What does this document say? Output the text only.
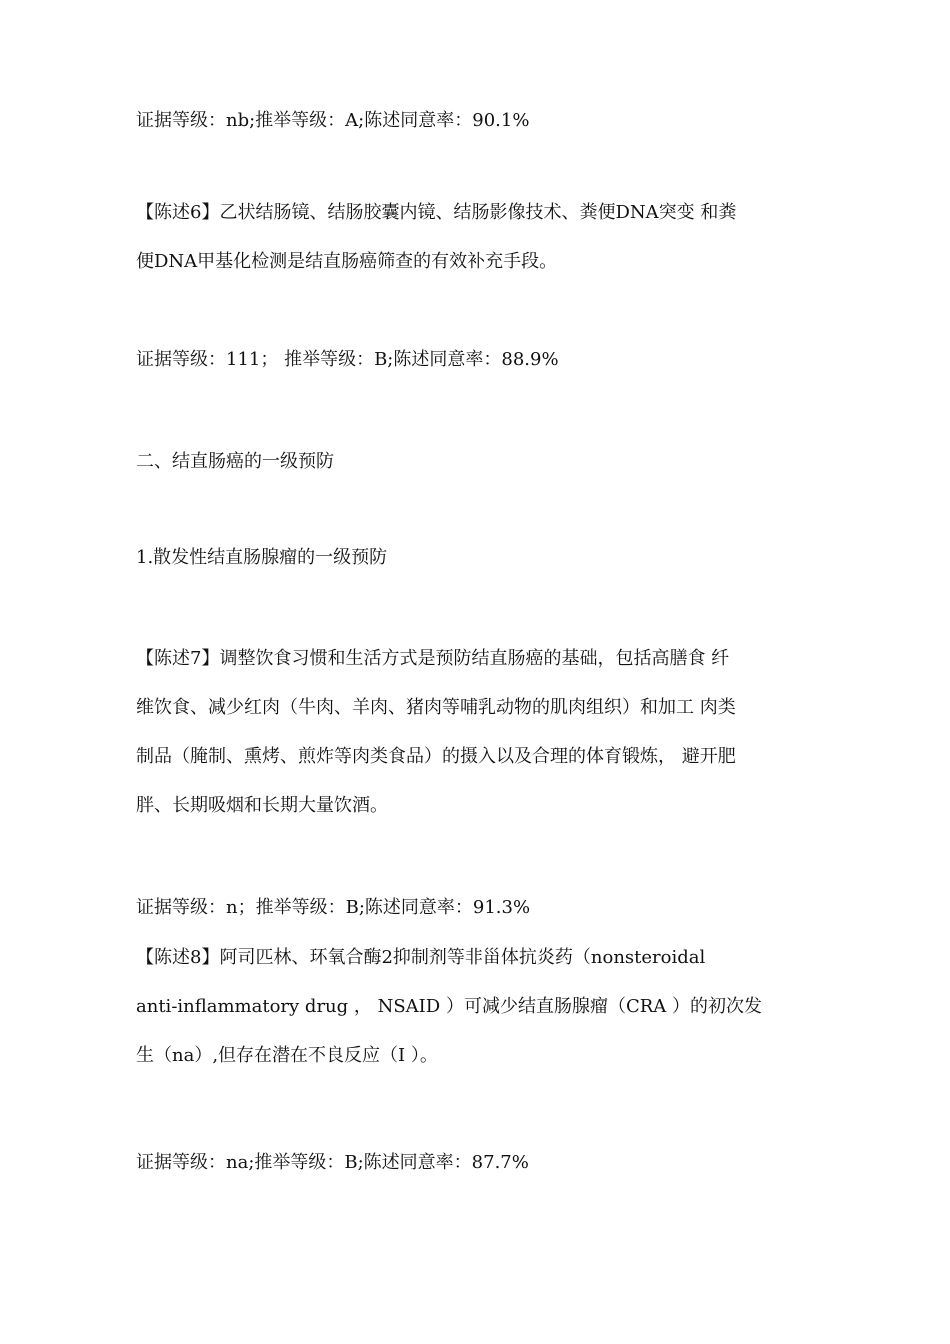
证据等级：nb;推举等级：A;陈述同意率：90.1%

【陈述6】乙状结肠镜、结肠胶囊内镜、结肠影像技术、粪便DNA突变 和粪
便DNA甲基化检测是结直肠癌筛查的有效补充手段。

证据等级：111； 推举等级：B;陈述同意率：88.9%

二、结直肠癌的一级预防

1.散发性结直肠腺瘤的一级预防

【陈述7】调整饮食习惯和生活方式是预防结直肠癌的基础，包括高膳食 纤
维饮食、减少红肉（牛肉、羊肉、猪肉等哺乳动物的肌肉组织）和加工 肉类
制品（腌制、熏烤、煎炸等肉类食品）的摄入以及合理的体育锻炼， 避开肥
胖、长期吸烟和长期大量饮酒。

证据等级：n；推举等级：B;陈述同意率：91.3%

【陈述8】阿司匹林、环氧合酶2抑制剂等非甾体抗炎药（nonsteroidal
anti-inflammatory drug ， NSAID ）可减少结直肠腺瘤（CRA ）的初次发
生（na）,但存在潜在不良反应（I ）。

证据等级：na;推举等级：B;陈述同意率：87.7%
